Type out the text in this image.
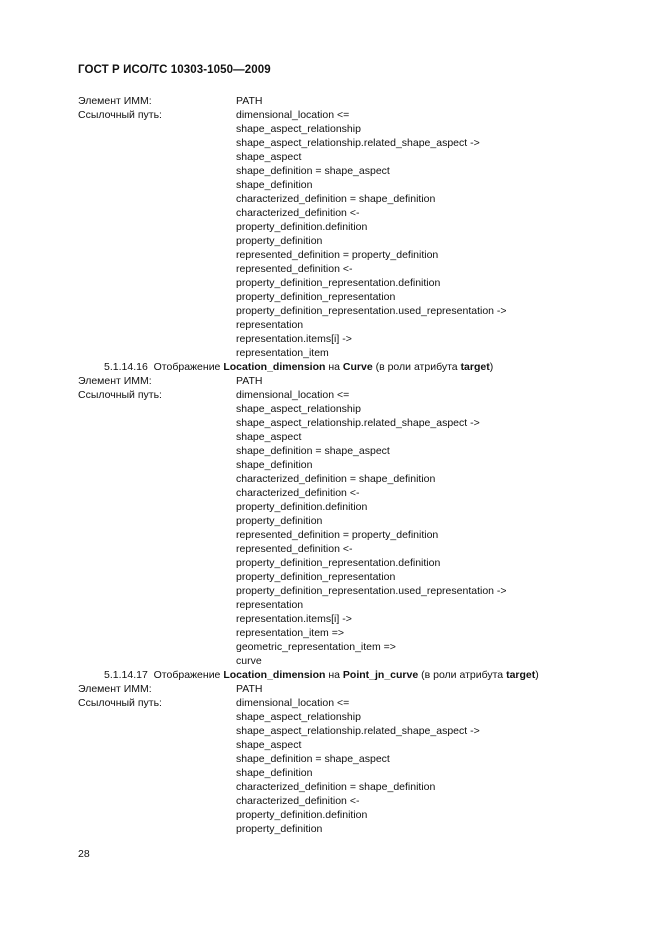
ГОСТ Р ИСО/ТС 10303-1050—2009
Элемент ИММ:	PATH
Ссылочный путь:	dimensional_location <=
shape_aspect_relationship
shape_aspect_relationship.related_shape_aspect ->
shape_aspect
shape_definition = shape_aspect
shape_definition
characterized_definition = shape_definition
characterized_definition <-
property_definition.definition
property_definition
represented_definition = property_definition
represented_definition <-
property_definition_representation.definition
property_definition_representation
property_definition_representation.used_representation ->
representation
representation.items[i] ->
representation_item
5.1.14.16 Отображение Location_dimension на Curve (в роли атрибута target)
Элемент ИММ:	PATH
Ссылочный путь:	dimensional_location <=
shape_aspect_relationship
shape_aspect_relationship.related_shape_aspect ->
shape_aspect
shape_definition = shape_aspect
shape_definition
characterized_definition = shape_definition
characterized_definition <-
property_definition.definition
property_definition
represented_definition = property_definition
represented_definition <-
property_definition_representation.definition
property_definition_representation
property_definition_representation.used_representation ->
representation
representation.items[i] ->
representation_item =>
geometric_representation_item =>
curve
5.1.14.17 Отображение Location_dimension на Point_jn_curve (в роли атрибута target)
Элемент ИММ:	PATH
Ссылочный путь:	dimensional_location <=
shape_aspect_relationship
shape_aspect_relationship.related_shape_aspect ->
shape_aspect
shape_definition = shape_aspect
shape_definition
characterized_definition = shape_definition
characterized_definition <-
property_definition.definition
property_definition
28
